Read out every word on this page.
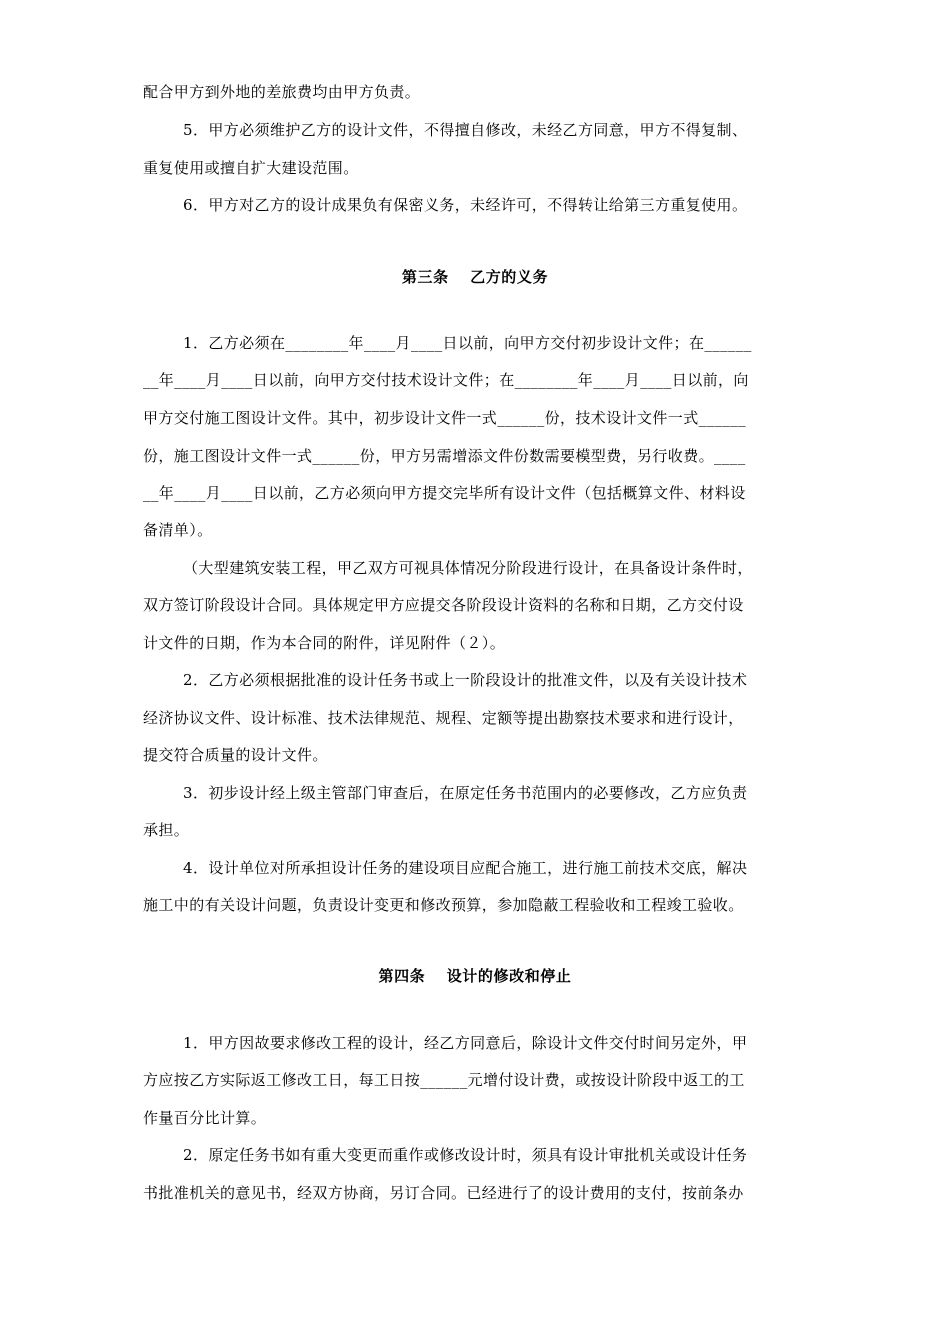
配合甲方到外地的差旅费均由甲方负责。
5．甲方必须维护乙方的设计文件，不得擅自修改，未经乙方同意，甲方不得复制、
重复使用或擅自扩大建设范围。
6．甲方对乙方的设计成果负有保密义务，未经许可，不得转让给第三方重复使用。
第三条　 乙方的义务
1．乙方必须在________年____月____日以前，向甲方交付初步设计文件；在______
__年____月____日以前，向甲方交付技术设计文件；在________年____月____日以前，向
甲方交付施工图设计文件。其中，初步设计文件一式______份，技术设计文件一式______
份，施工图设计文件一式______份，甲方另需增添文件份数需要模型费，另行收费。____
__年____月____日以前，乙方必须向甲方提交完毕所有设计文件（包括概算文件、材料设
备清单）。
（大型建筑安装工程，甲乙双方可视具体情况分阶段进行设计，在具备设计条件时，
双方签订阶段设计合同。具体规定甲方应提交各阶段设计资料的名称和日期，乙方交付设
计文件的日期，作为本合同的附件，详见附件（２）。
2．乙方必须根据批准的设计任务书或上一阶段设计的批准文件，以及有关设计技术
经济协议文件、设计标准、技术法律规范、规程、定额等提出勘察技术要求和进行设计，
提交符合质量的设计文件。
3．初步设计经上级主管部门审查后，在原定任务书范围内的必要修改，乙方应负责
承担。
4．设计单位对所承担设计任务的建设项目应配合施工，进行施工前技术交底，解决
施工中的有关设计问题，负责设计变更和修改预算，参加隐蔽工程验收和工程竣工验收。
第四条　 设计的修改和停止
1．甲方因故要求修改工程的设计，经乙方同意后，除设计文件交付时间另定外，甲
方应按乙方实际返工修改工日，每工日按______元增付设计费，或按设计阶段中返工的工
作量百分比计算。
2．原定任务书如有重大变更而重作或修改设计时，须具有设计审批机关或设计任务
书批准机关的意见书，经双方协商，另订合同。已经进行了的设计费用的支付，按前条办
